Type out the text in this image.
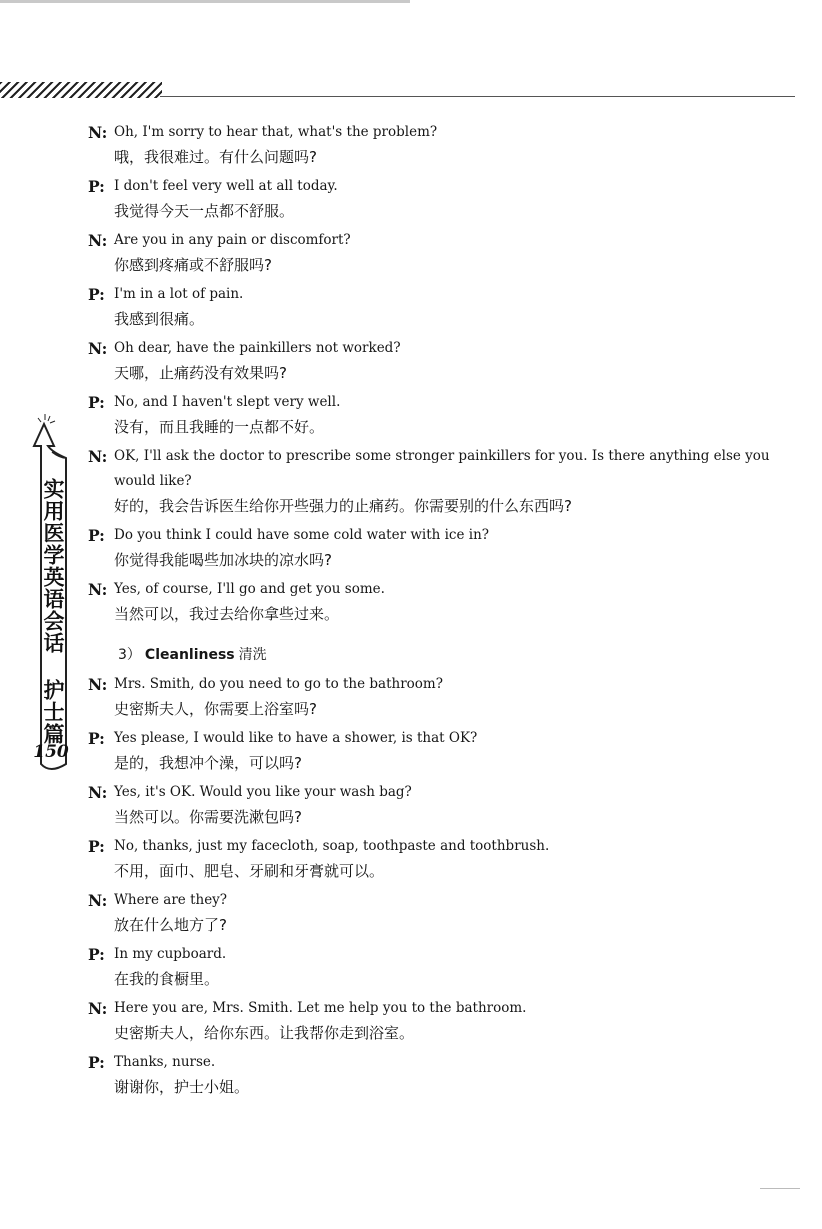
实用医学英语会话 护士篇
150
N: Oh, I'm sorry to hear that, what's the problem?
哦，我很难过。有什么问题吗?
P: I don't feel very well at all today.
我觉得今天一点都不舒服。
N: Are you in any pain or discomfort?
你感到疼痛或不舒服吗?
P: I'm in a lot of pain.
我感到很痛。
N: Oh dear, have the painkillers not worked?
天哪，止痛药没有效果吗?
P: No, and I haven't slept very well.
没有，而且我睡的一点都不好。
N: OK, I'll ask the doctor to prescribe some stronger painkillers for you. Is there anything else you would like?
好的，我会告诉医生给你开些强力的止痛药。你需要别的什么东西吗?
P: Do you think I could have some cold water with ice in?
你觉得我能喝些加冰块的凉水吗?
N: Yes, of course, I'll go and get you some.
当然可以，我过去给你拿些过来。
3） Cleanliness 清洗
N: Mrs. Smith, do you need to go to the bathroom?
史密斯夫人，你需要上浴室吗?
P: Yes please, I would like to have a shower, is that OK?
是的，我想冲个澡，可以吗?
N: Yes, it's OK. Would you like your wash bag?
当然可以。你需要洗漱包吗?
P: No, thanks, just my facecloth, soap, toothpaste and toothbrush.
不用，面巾、肥皂、牙刷和牙膏就可以。
N: Where are they?
放在什么地方了?
P: In my cupboard.
在我的食橱里。
N: Here you are, Mrs. Smith. Let me help you to the bathroom.
史密斯夫人，给你东西。让我帮你走到浴室。
P: Thanks, nurse.
谢谢你，护士小姐。
